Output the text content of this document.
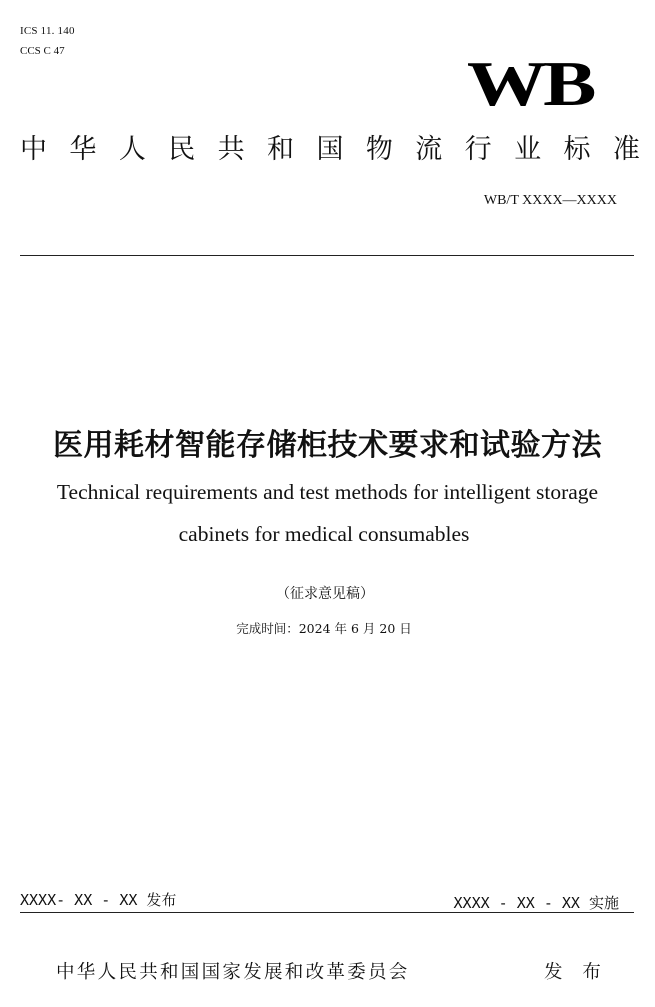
ICS 11. 140
CCS C 47	WB
中 华 人 民 共 和 国 物 流 行 业 标 准
WB/T XXXX—XXXX
医用耗材智能存储柜技术要求和试验方法
Technical requirements and test methods for intelligent storage
cabinets for medical consumables
（征求意见稿）
完成时间：2024 年 6 月 20 日
XXXX- XX - XX 发布	XXXX - XX - XX 实施
中华人民共和国国家发展和改革委员会	发 布
